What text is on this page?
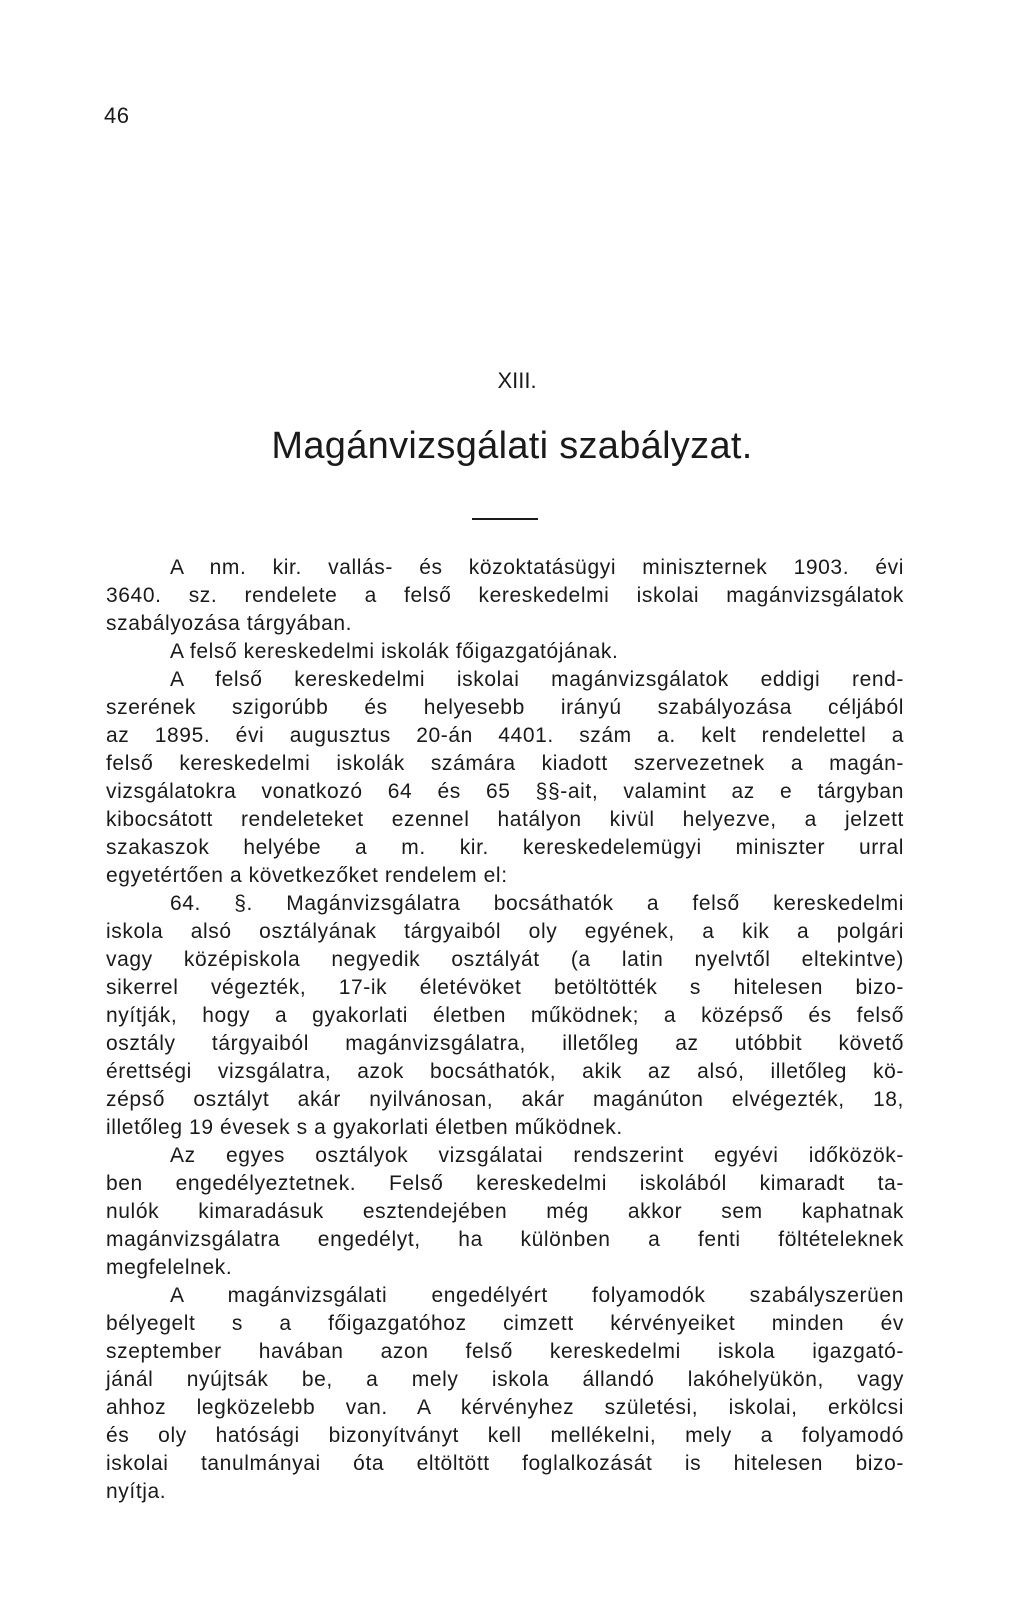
46
XIII.
Magánvizsgálati szabályzat.
A nm. kir. vallás- és közoktatásügyi miniszternek 1903. évi
3640. sz. rendelete a felső kereskedelmi iskolai magánvizsgálatok
szabályozása tárgyában.
A felső kereskedelmi iskolák főigazgatójának.
A felső kereskedelmi iskolai magánvizsgálatok eddigi rend-
szerének szigorúbb és helyesebb irányú szabályozása céljából
az 1895. évi augusztus 20-án 4401. szám a. kelt rendelettel a
felső kereskedelmi iskolák számára kiadott szervezetnek a magán-
vizsgálatokra vonatkozó 64 és 65 §§-ait, valamint az e tárgyban
kibocsátott rendeleteket ezennel hatályon kivül helyezve, a jelzett
szakaszok helyébe a m. kir. kereskedelemügyi miniszter urral
egyetértően a következőket rendelem el:
64. §. Magánvizsgálatra bocsáthatók a felső kereskedelmi
iskola alsó osztályának tárgyaiból oly egyének, a kik a polgári
vagy középiskola negyedik osztályát (a latin nyelvtől eltekintve)
sikerrel végezték, 17-ik életévöket betöltötték s hitelesen bizo-
nyítják, hogy a gyakorlati életben működnek; a középső és felső
osztály tárgyaiból magánvizsgálatra, illetőleg az utóbbit követő
érettségi vizsgálatra, azok bocsáthatók, akik az alsó, illetőleg kö-
zépső osztályt akár nyilvánosan, akár magánúton elvégezték, 18,
illetőleg 19 évesek s a gyakorlati életben működnek.
Az egyes osztályok vizsgálatai rendszerint egyévi időközök-
ben engedélyeztetnek. Felső kereskedelmi iskolából kimaradt ta-
nulók kimaradásuk esztendejében még akkor sem kaphatnak
magánvizsgálatra engedélyt, ha különben a fenti föltételeknek
megfelelnek.
A magánvizsgálati engedélyért folyamodók szabályszerüen
bélyegelt s a főigazgatóhoz cimzett kérvényeiket minden év
szeptember havában azon felső kereskedelmi iskola igazgató-
jánál nyújtsák be, a mely iskola állandó lakóhelyükön, vagy
ahhoz legközelebb van. A kérvényhez születési, iskolai, erkölcsi
és oly hatósági bizonyítványt kell mellékelni, mely a folyamodó
iskolai tanulmányai óta eltöltött foglalkozását is hitelesen bizo-
nyítja.
